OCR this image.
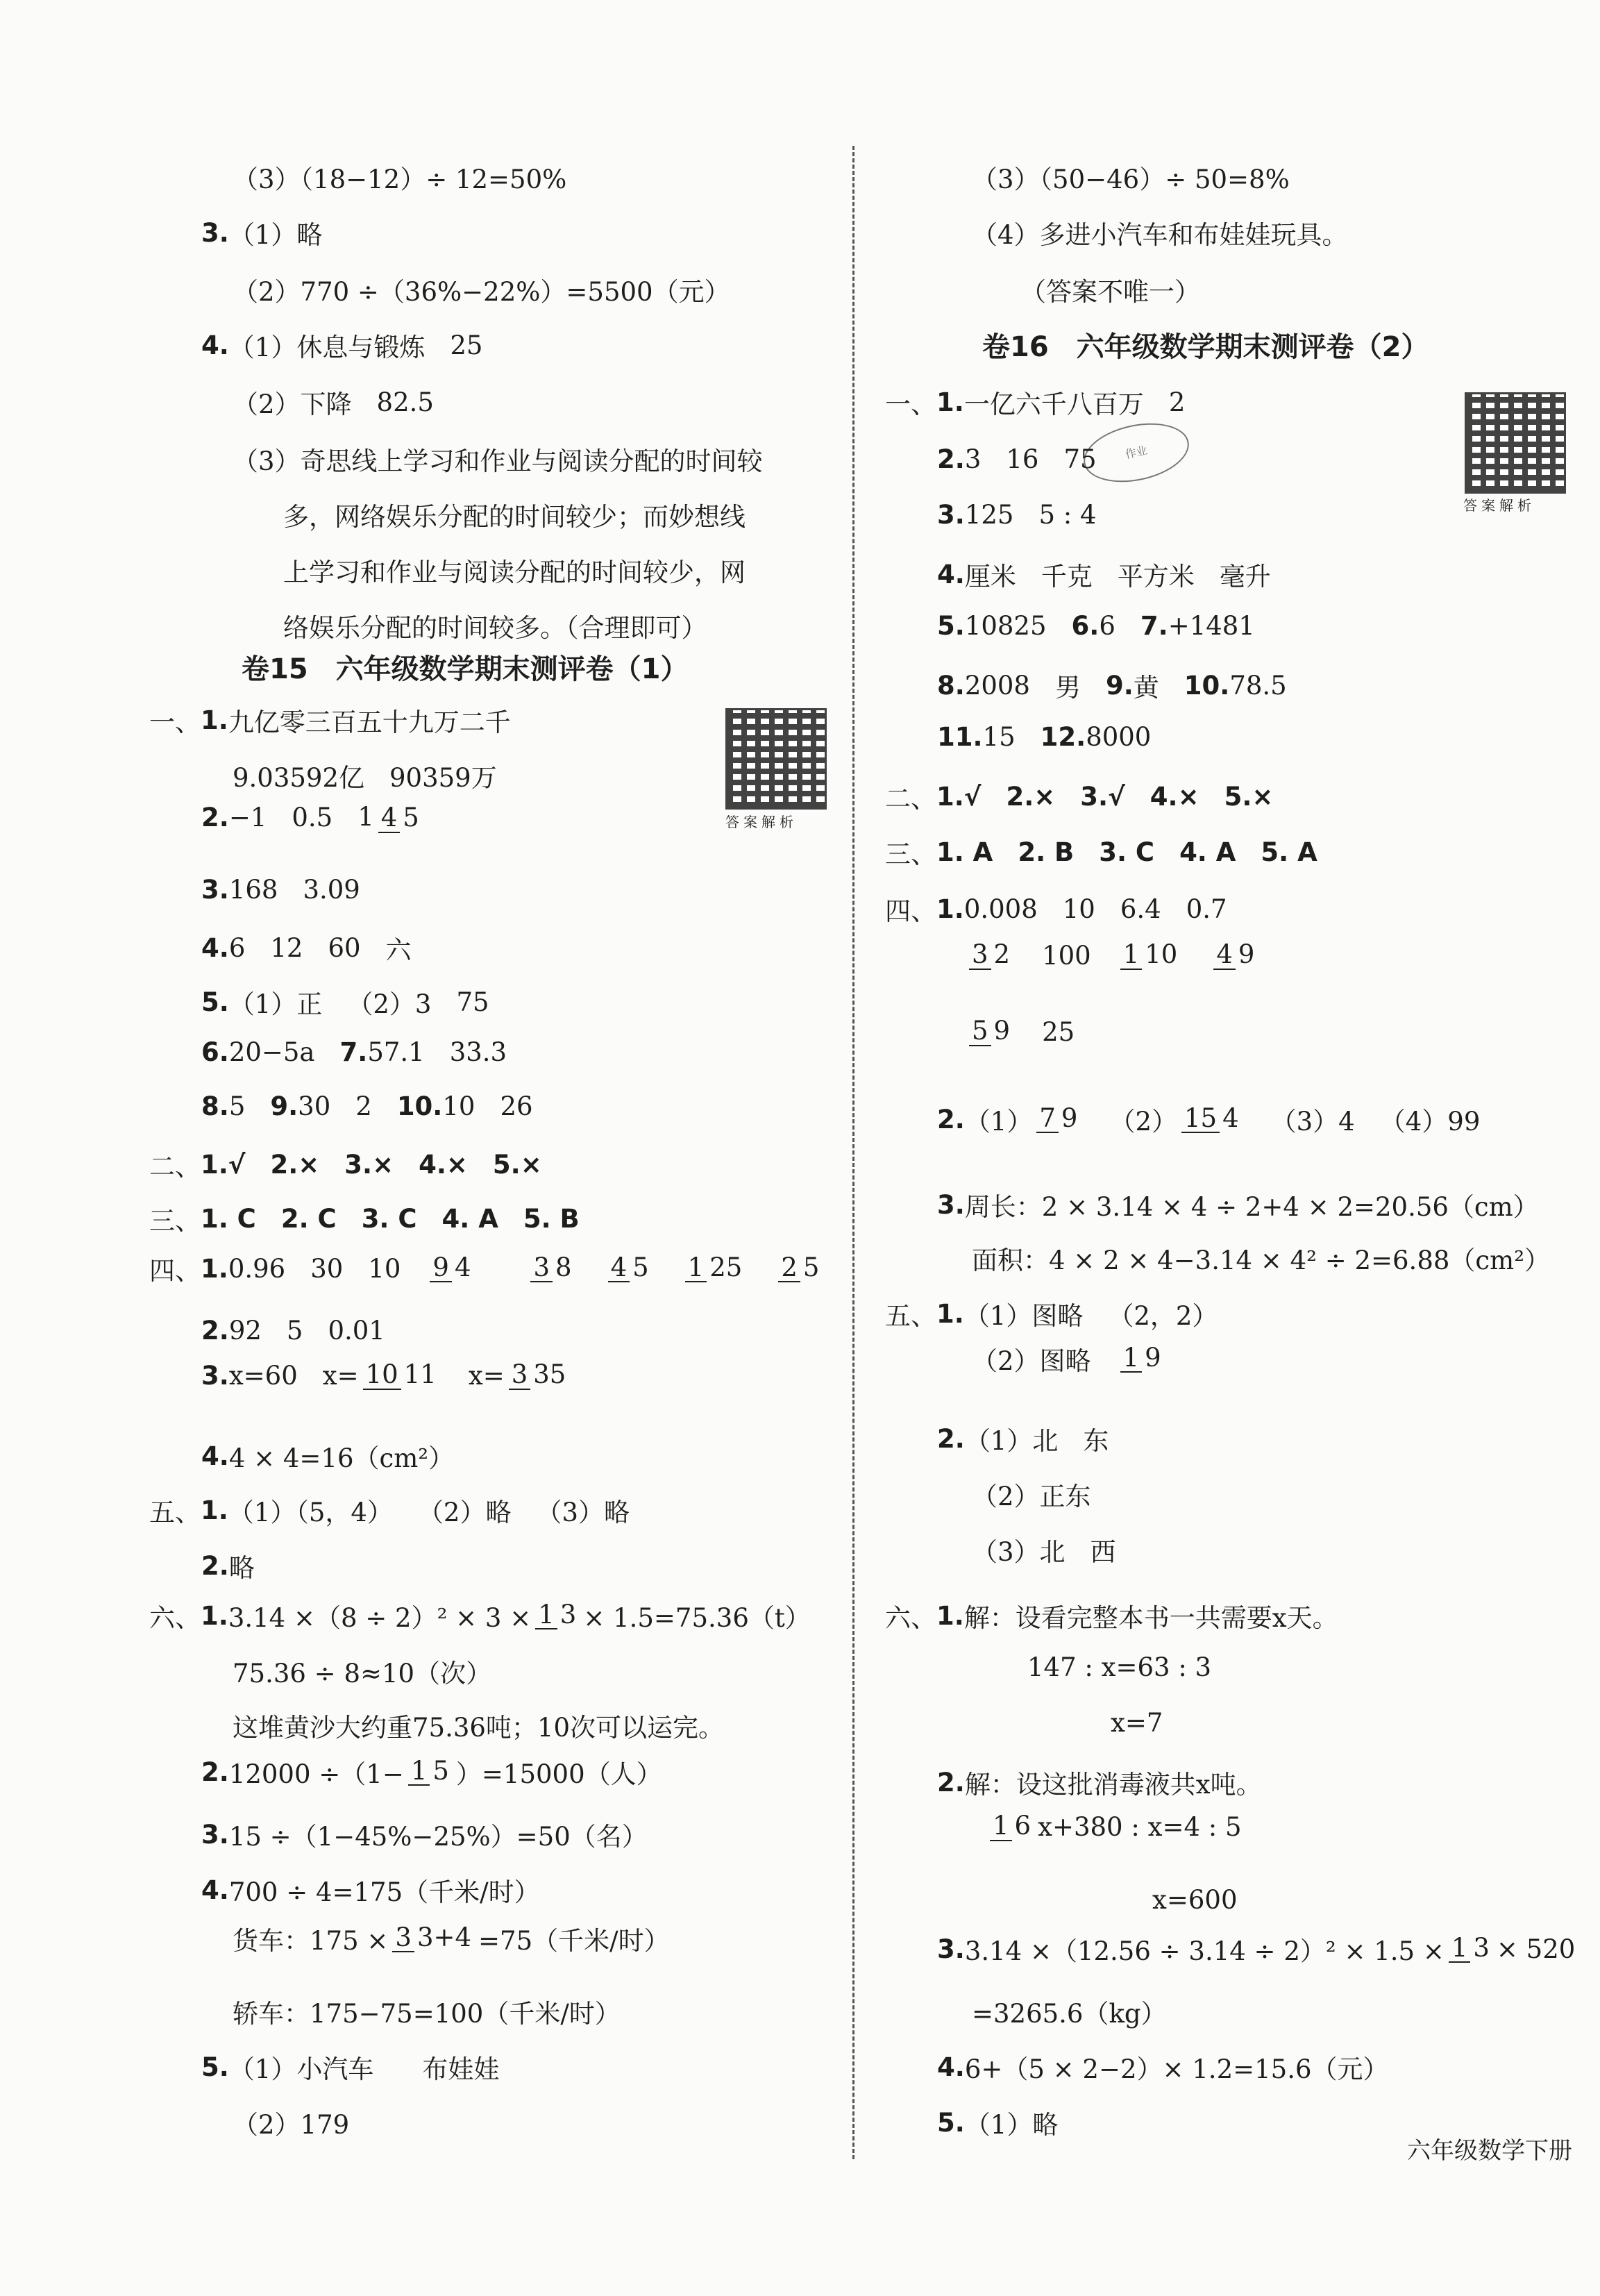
（3）（18−12）÷ 12=50%
3. （1）略
（2）770 ÷（36%−22%）=5500（元）
4. （1）休息与锻炼 25
（2）下降 82.5
（3）奇思线上学习和作业与阅读分配的时间较
多，网络娱乐分配的时间较少；而妙想线
上学习和作业与阅读分配的时间较少，网
络娱乐分配的时间较多。（合理即可）
卷15　六年级数学期末测评卷（1）
一、 1. 九亿零三百五十九万二千
9.03592亿 90359万
答案解析
2. −1 0.5 1 4 5
3. 168 3.09
4. 6 12 60 六
5. （1）正 （2）3 75
6. 20−5a 7. 57.1 33.3
8. 5 9. 30 2 10. 10 26
二、 1.√ 2.× 3.× 4.× 5.×
三、 1. C 2. C 3. C 4. A 5. B
四、 1. 0.96 30 10 9 4 3 8 4 5 1 25 2 5
2. 92 5 0.01
3. x=60 x= 10 11 x= 3 35
4. 4 × 4=16（cm²）
五、 1. （1）（5，4） （2）略 （3）略
2. 略
六、 1. 3.14 ×（8 ÷ 2）² × 3 × 1 3 × 1.5=75.36（t）
75.36 ÷ 8≈10（次）
这堆黄沙大约重75.36吨；10次可以运完。
2. 12000 ÷（1− 1 5 ）=15000（人）
3. 15 ÷（1−45%−25%）=50（名）
4. 700 ÷ 4=175（千米/时）
货车：175 × 3 3+4 =75（千米/时）
轿车：175−75=100（千米/时）
5. （1）小汽车 布娃娃
（2）179
（3）（50−46）÷ 50=8%
（4）多进小汽车和布娃娃玩具。
（答案不唯一）
卷16　六年级数学期末测评卷（2）
一、 1. 一亿六千八百万 2
答案解析
作业
2. 3 16 75
3. 125 5 : 4
4. 厘米 千克 平方米 毫升
5. 10825 6. 6 7. +1481
8. 2008 男 9. 黄 10. 78.5
11. 15 12. 8000
二、 1.√ 2.× 3.√ 4.× 5.×
三、 1. A 2. B 3. C 4. A 5. A
四、 1. 0.008 10 6.4 0.7
3 2 100 1 10 4 9
5 9 25
2. （1） 7 9 （2） 15 4 （3）4 （4）99
3. 周长：2 × 3.14 × 4 ÷ 2+4 × 2=20.56（cm）
面积：4 × 2 × 4−3.14 × 4² ÷ 2=6.88（cm²）
五、 1. （1）图略 （2，2）
（2）图略 1 9
2. （1）北 东
（2）正东
（3）北 西
六、 1. 解：设看完整本书一共需要x天。
147 : x=63 : 3
x=7
2. 解：设这批消毒液共x吨。
1 6 x+380 : x=4 : 5
x=600
3. 3.14 ×（12.56 ÷ 3.14 ÷ 2）² × 1.5 × 1 3 × 520
=3265.6（kg）
4. 6+（5 × 2−2）× 1.2=15.6（元）
5. （1）略
六年级数学下册
